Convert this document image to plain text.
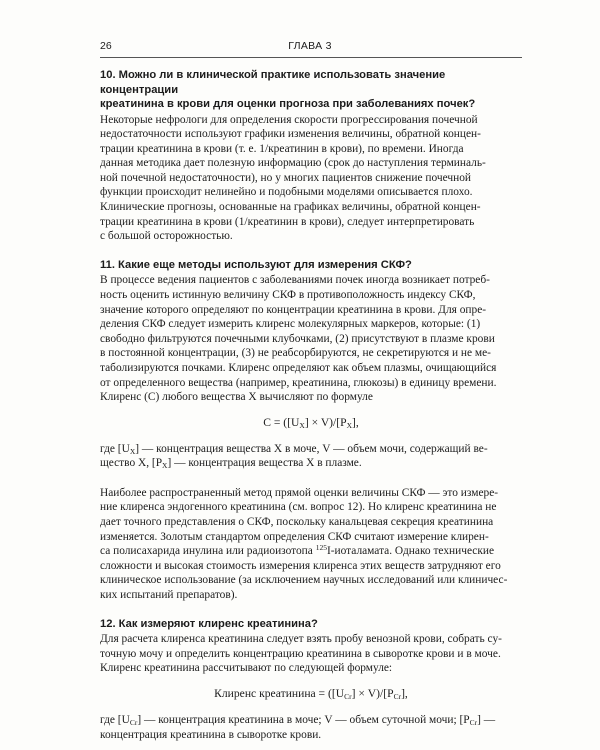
26	ГЛАВА 3
10. Можно ли в клинической практике использовать значение концентрации
креатинина в крови для оценки прогноза при заболеваниях почек?

Некоторые нефрологи для определения скорости прогрессирования почечной
недостаточности используют графики изменения величины, обратной концен-
трации креатинина в крови (т. е. 1/креатинин в крови), по времени. Иногда
данная методика дает полезную информацию (срок до наступления терминаль-
ной почечной недостаточности), но у многих пациентов снижение почечной
функции происходит нелинейно и подобными моделями описывается плохо.
Клинические прогнозы, основанные на графиках величины, обратной концен-
трации креатинина в крови (1/креатинин в крови), следует интерпретировать
с большой осторожностью.

11. Какие еще методы используют для измерения СКФ?

В процессе ведения пациентов с заболеваниями почек иногда возникает потреб-
ность оценить истинную величину СКФ в противоположность индексу СКФ,
значение которого определяют по концентрации креатинина в крови. Для опре-
деления СКФ следует измерить клиренс молекулярных маркеров, которые: (1)
свободно фильтруются почечными клубочками, (2) присутствуют в плазме крови
в постоянной концентрации, (3) не реабсорбируются, не секретируются и не ме-
таболизируются почками. Клиренс определяют как объем плазмы, очищающийся
от определенного вещества (например, креатинина, глюкозы) в единицу времени.
Клиренс (С) любого вещества Х вычисляют по формуле

$C = ([U_X] \times V)/[P_X]$,

где $[U_X]$ — концентрация вещества Х в моче, V — объем мочи, содержащий ве-
щество Х, $[P_X]$ — концентрация вещества Х в плазме.

Наиболее распространенный метод прямой оценки величины СКФ — это измере-
ние клиренса эндогенного креатинина (см. вопрос 12). Но клиренс креатинина не
дает точного представления о СКФ, поскольку канальцевая секреция креатинина
изменяется. Золотым стандартом определения СКФ считают измерение клирен-
са полисахарида инулина или радиоизотопа $^{125}$I-иоталамата. Однако технические
сложности и высокая стоимость измерения клиренса этих веществ затрудняют его
клиническое использование (за исключением научных исследований или клиничес-
ких испытаний препаратов).

12. Как измеряют клиренс креатинина?

Для расчета клиренса креатинина следует взять пробу венозной крови, собрать су-
точную мочу и определить концентрацию креатинина в сыворотке крови и в моче.
Клиренс креатинина рассчитывают по следующей формуле:

Клиренс креатинина = $([U_{Cr}] \times V)/[P_{Cr}]$,

где $[U_{Cr}]$ — концентрация креатинина в моче; V — объем суточной мочи; $[P_{Cr}]$ —
концентрация креатинина в сыворотке крови.
